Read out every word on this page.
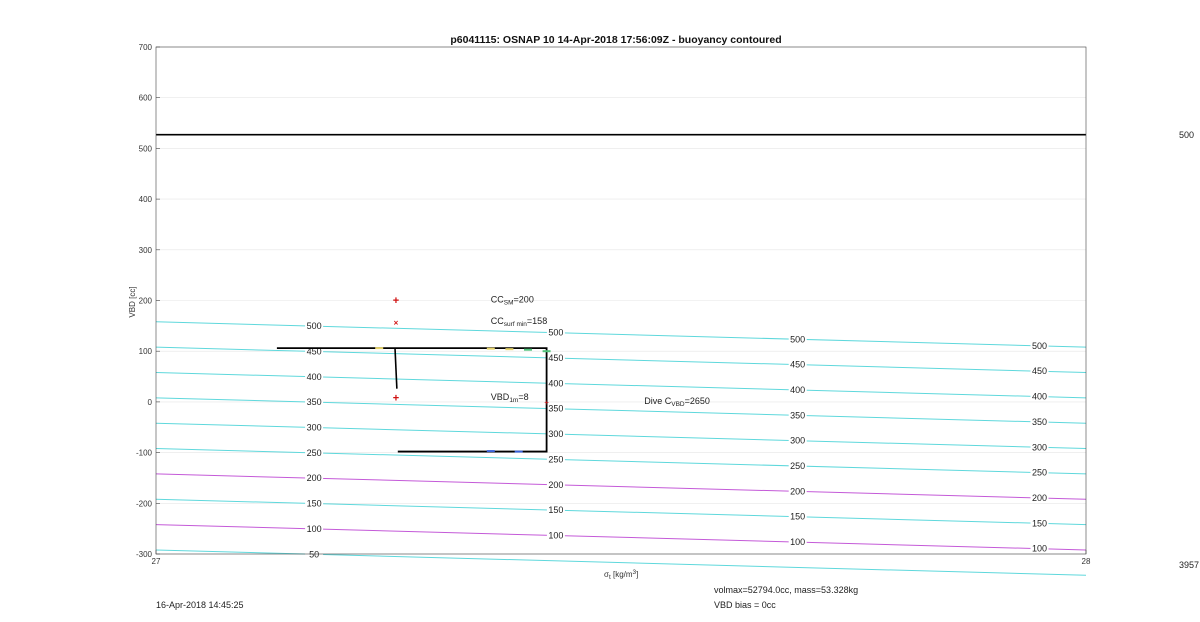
500
450
400
350
300
250
200
150
100
50
500
450
400
350
300
250
200
150
100
500
450
400
350
300
250
200
150
100
500
450
400
350
300
250
200
150
100
+	$CC_{SM}=200$
×	$CC_{surf min}=158$
+	$VBD_{1m}=8$	Dive $C_{VBD}=2650$
+
700
600
500
400
300
200
100
0
-100
-200
-300
27	28
p6041115: OSNAP 10 14-Apr-2018 17:56:09Z - buoyancy contoured
VBD [cc]
$\sigma_t$ $[kg/m^3]$
500
3957
16-Apr-2018 14:45:25
volmax=52794.0cc, mass=53.328kg
VBD bias = 0cc
